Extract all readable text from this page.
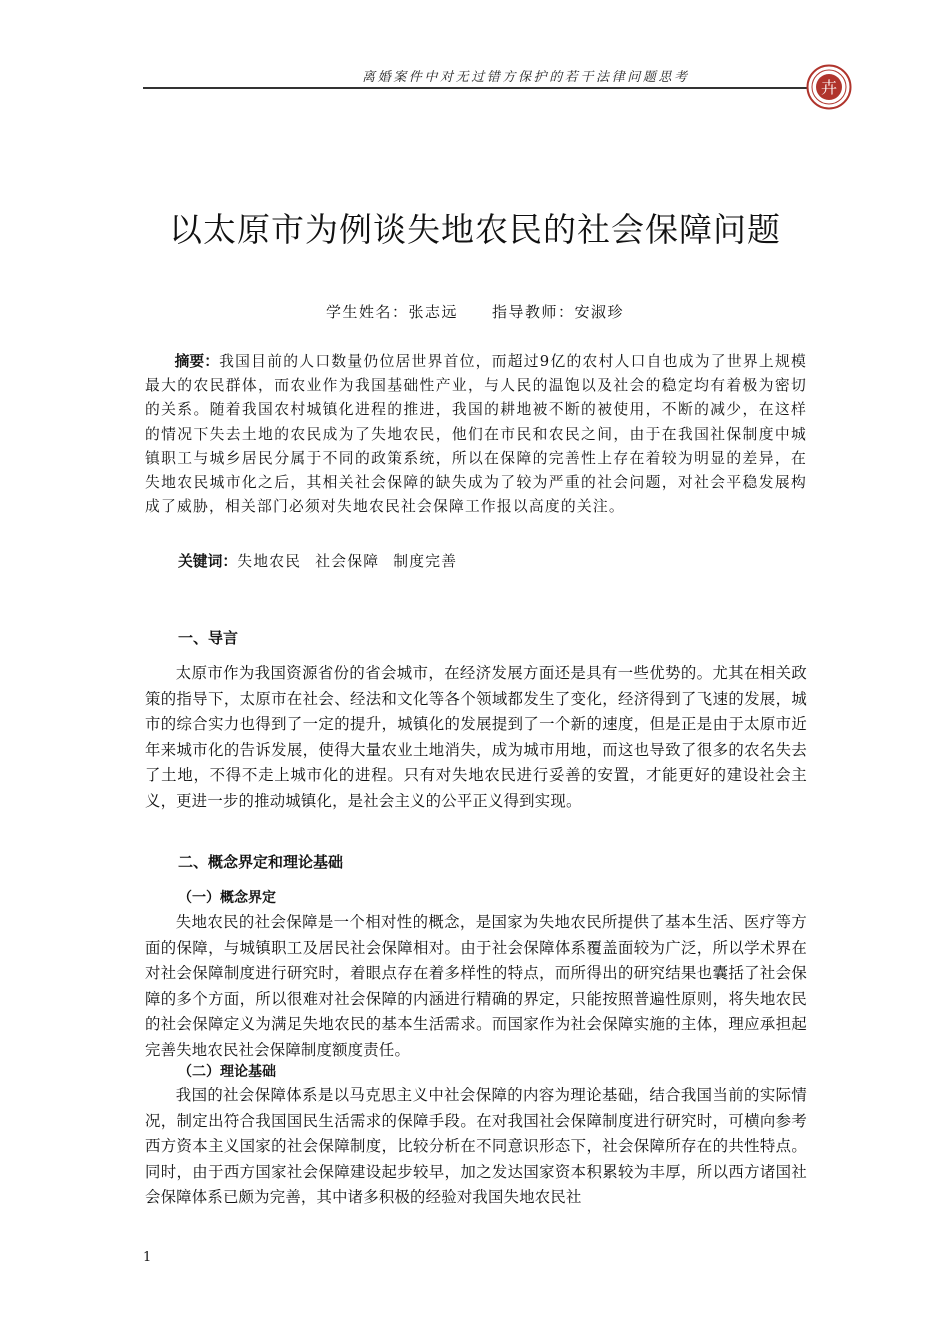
离婚案件中对无过错方保护的若干法律问题思考
卉
以太原市为例谈失地农民的社会保障问题
学生姓名：张志远 指导教师：安淑珍

摘要：我国目前的人口数量仍位居世界首位，而超过9亿的农村人口自也成为了世界上规模最大的农民群体，而农业作为我国基础性产业，与人民的温饱以及社会的稳定均有着极为密切的关系。随着我国农村城镇化进程的推进，我国的耕地被不断的被使用，不断的减少，在这样的情况下失去土地的农民成为了失地农民，他们在市民和农民之间，由于在我国社保制度中城镇职工与城乡居民分属于不同的政策系统，所以在保障的完善性上存在着较为明显的差异，在失地农民城市化之后，其相关社会保障的缺失成为了较为严重的社会问题，对社会平稳发展构成了威胁，相关部门必须对失地农民社会保障工作报以高度的关注。

关键词：失地农民 社会保障 制度完善
一、导言

太原市作为我国资源省份的省会城市，在经济发展方面还是具有一些优势的。尤其在相关政策的指导下，太原市在社会、经法和文化等各个领域都发生了变化，经济得到了飞速的发展，城市的综合实力也得到了一定的提升，城镇化的发展提到了一个新的速度，但是正是由于太原市近年来城市化的告诉发展，使得大量农业土地消失，成为城市用地，而这也导致了很多的农名失去了土地，不得不走上城市化的进程。只有对失地农民进行妥善的安置，才能更好的建设社会主义，更进一步的推动城镇化，是社会主义的公平正义得到实现。

二、概念界定和理论基础
（一）概念界定

失地农民的社会保障是一个相对性的概念，是国家为失地农民所提供了基本生活、医疗等方面的保障，与城镇职工及居民社会保障相对。由于社会保障体系覆盖面较为广泛，所以学术界在对社会保障制度进行研究时，着眼点存在着多样性的特点，而所得出的研究结果也囊括了社会保障的多个方面，所以很难对社会保障的内涵进行精确的界定，只能按照普遍性原则，将失地农民的社会保障定义为满足失地农民的基本生活需求。而国家作为社会保障实施的主体，理应承担起完善失地农民社会保障制度额度责任。

（二）理论基础

我国的社会保障体系是以马克思主义中社会保障的内容为理论基础，结合我国当前的实际情况，制定出符合我国国民生活需求的保障手段。在对我国社会保障制度进行研究时，可横向参考西方资本主义国家的社会保障制度，比较分析在不同意识形态下，社会保障所存在的共性特点。同时，由于西方国家社会保障建设起步较早，加之发达国家资本积累较为丰厚，所以西方诸国社会保障体系已颇为完善，其中诸多积极的经验对我国失地农民社

1
